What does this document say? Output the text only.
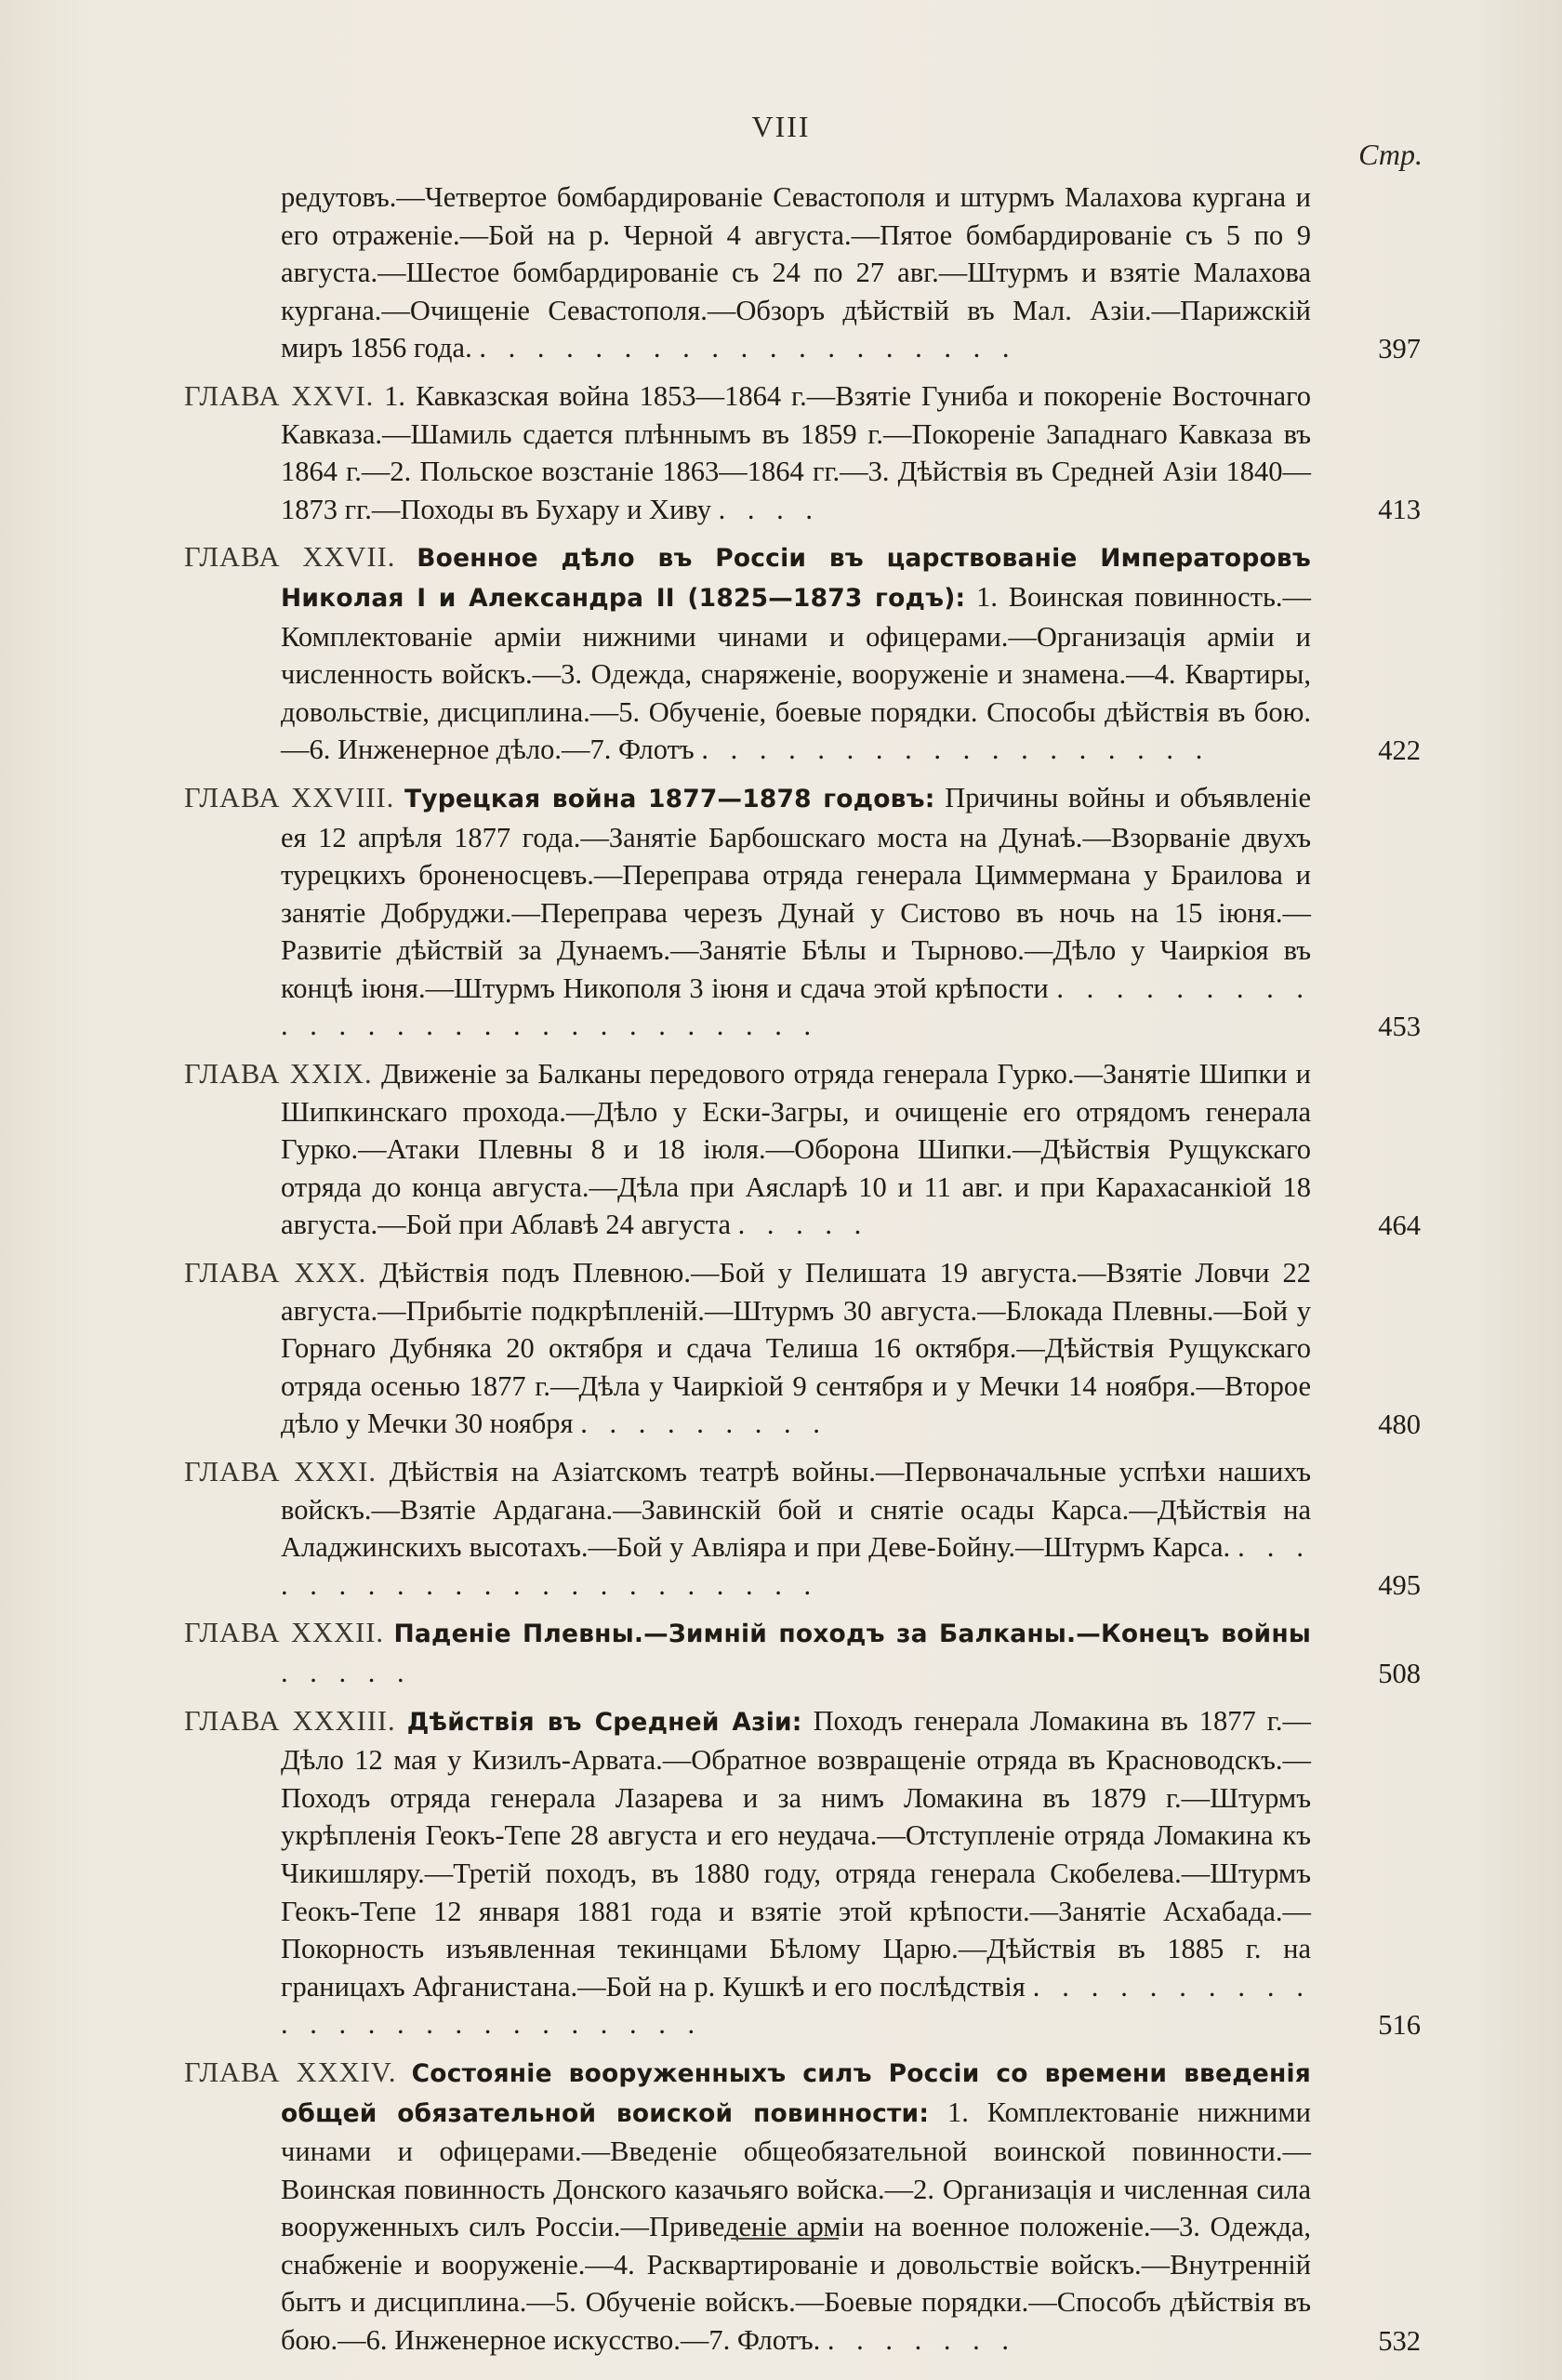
VIII
Стр.
редутовъ.—Четвертое бомбардированіе Севастополя и штурмъ Малахова кургана и его отраженіе.—Бой на р. Черной 4 августа.—Пятое бомбардированіе съ 5 по 9 августа.—Шестое бомбардированіе съ 24 по 27 авг.—Штурмъ и взятіе Малахова кургана.—Очищеніе Севастополя.—Обзоръ дѣйствій въ Мал. Азіи.—Парижскій миръ 1856 года. . . . . . . . . . . . . . . . . . . .	397
ГЛАВА XXVI. 1. Кавказская война 1853—1864 г.—Взятіе Гуниба и покореніе Восточнаго Кавказа.—Шамиль сдается плѣннымъ въ 1859 г.—Покореніе Западнаго Кавказа въ 1864 г.—2. Польское возстаніе 1863—1864 гг.—3. Дѣйствія въ Средней Азіи 1840—1873 гг.—Походы въ Бухару и Хиву . . . .	413
ГЛАВА XXVII. Военное дѣло въ Россіи въ царствованіе Императоровъ Николая I и Александра II (1825—1873 годъ): 1. Воинская повинность.—Комплектованіе арміи нижними чинами и офицерами.—Организація арміи и численность войскъ.—3. Одежда, снаряженіе, вооруженіе и знамена.—4. Квартиры, довольствіе, дисциплина.—5. Обученіе, боевые порядки. Способы дѣйствія въ бою.—6. Инженерное дѣло.—7. Флотъ . . . . . . . . . . . . . . . . . .	422
ГЛАВА XXVIII. Турецкая война 1877—1878 годовъ: Причины войны и объявленіе ея 12 апрѣля 1877 года.—Занятіе Барбошскаго моста на Дунаѣ.—Взорваніе двухъ турецкихъ броненосцевъ.—Переправа отряда генерала Циммермана у Браилова и занятіе Добруджи.—Переправа черезъ Дунай у Систово въ ночь на 15 іюня.—Развитіе дѣйствій за Дунаемъ.—Занятіе Бѣлы и Тырново.—Дѣло у Чаиркіоя въ концѣ іюня.—Штурмъ Никополя 3 іюня и сдача этой крѣпости . . . . . . . . . . . . . . . . . . . . . . . . . . . .	453
ГЛАВА XXIX. Движеніе за Балканы передового отряда генерала Гурко.—Занятіе Шипки и Шипкинскаго прохода.—Дѣло у Ески-Загры, и очищеніе его отрядомъ генерала Гурко.—Атаки Плевны 8 и 18 іюля.—Оборона Шипки.—Дѣйствія Рущукскаго отряда до конца августа.—Дѣла при Аясларѣ 10 и 11 авг. и при Карахасанкіой 18 августа.—Бой при Аблавѣ 24 августа . . . . .	464
ГЛАВА XXX. Дѣйствія подъ Плевною.—Бой у Пелишата 19 августа.—Взятіе Ловчи 22 августа.—Прибытіе подкрѣпленій.—Штурмъ 30 августа.—Блокада Плевны.—Бой у Горнаго Дубняка 20 октября и сдача Телиша 16 октября.—Дѣйствія Рущукскаго отряда осенью 1877 г.—Дѣла у Чаиркіой 9 сентября и у Мечки 14 ноября.—Второе дѣло у Мечки 30 ноября . . . . . . . . .	480
ГЛАВА XXXI. Дѣйствія на Азіатскомъ театрѣ войны.—Первоначальные успѣхи нашихъ войскъ.—Взятіе Ардагана.—Завинскій бой и снятіе осады Карса.—Дѣйствія на Аладжинскихъ высотахъ.—Бой у Авліяра и при Деве-Бойну.—Штурмъ Карса. . . . . . . . . . . . . . . . . . . . . . .	495
ГЛАВА XXXII. Паденіе Плевны.—Зимній походъ за Балканы.—Конецъ войны . . . . .	508
ГЛАВА XXXIII. Дѣйствія въ Средней Азіи: Походъ генерала Ломакина въ 1877 г.—Дѣло 12 мая у Кизилъ-Арвата.—Обратное возвращеніе отряда въ Красноводскъ.—Походъ отряда генерала Лазарева и за нимъ Ломакина въ 1879 г.—Штурмъ укрѣпленія Геокъ-Тепе 28 августа и его неудача.—Отступленіе отряда Ломакина къ Чикишляру.—Третій походъ, въ 1880 году, отряда генерала Скобелева.—Штурмъ Геокъ-Тепе 12 января 1881 года и взятіе этой крѣпости.—Занятіе Асхабада.—Покорность изъявленная текинцами Бѣлому Царю.—Дѣйствія въ 1885 г. на границахъ Афганистана.—Бой на р. Кушкѣ и его послѣдствія . . . . . . . . . . . . . . . . . . . . . . . . .	516
ГЛАВА XXXIV. Состояніе вооруженныхъ силъ Россіи со времени введенія общей обязательной воиской повинности: 1. Комплектованіе нижними чинами и офицерами.—Введеніе общеобязательной воинской повинности.—Воинская повинность Донского казачьяго войска.—2. Организація и численная сила вооруженныхъ силъ Россіи.—Приведеніе арміи на военное положеніе.—3. Одежда, снабженіе и вооруженіе.—4. Расквартированіе и довольствіе войскъ.—Внутренній бытъ и дисциплина.—5. Обученіе войскъ.—Боевые порядки.—Способъ дѣйствія въ бою.—6. Инженерное искусство.—7. Флотъ. . . . . . . .	532
